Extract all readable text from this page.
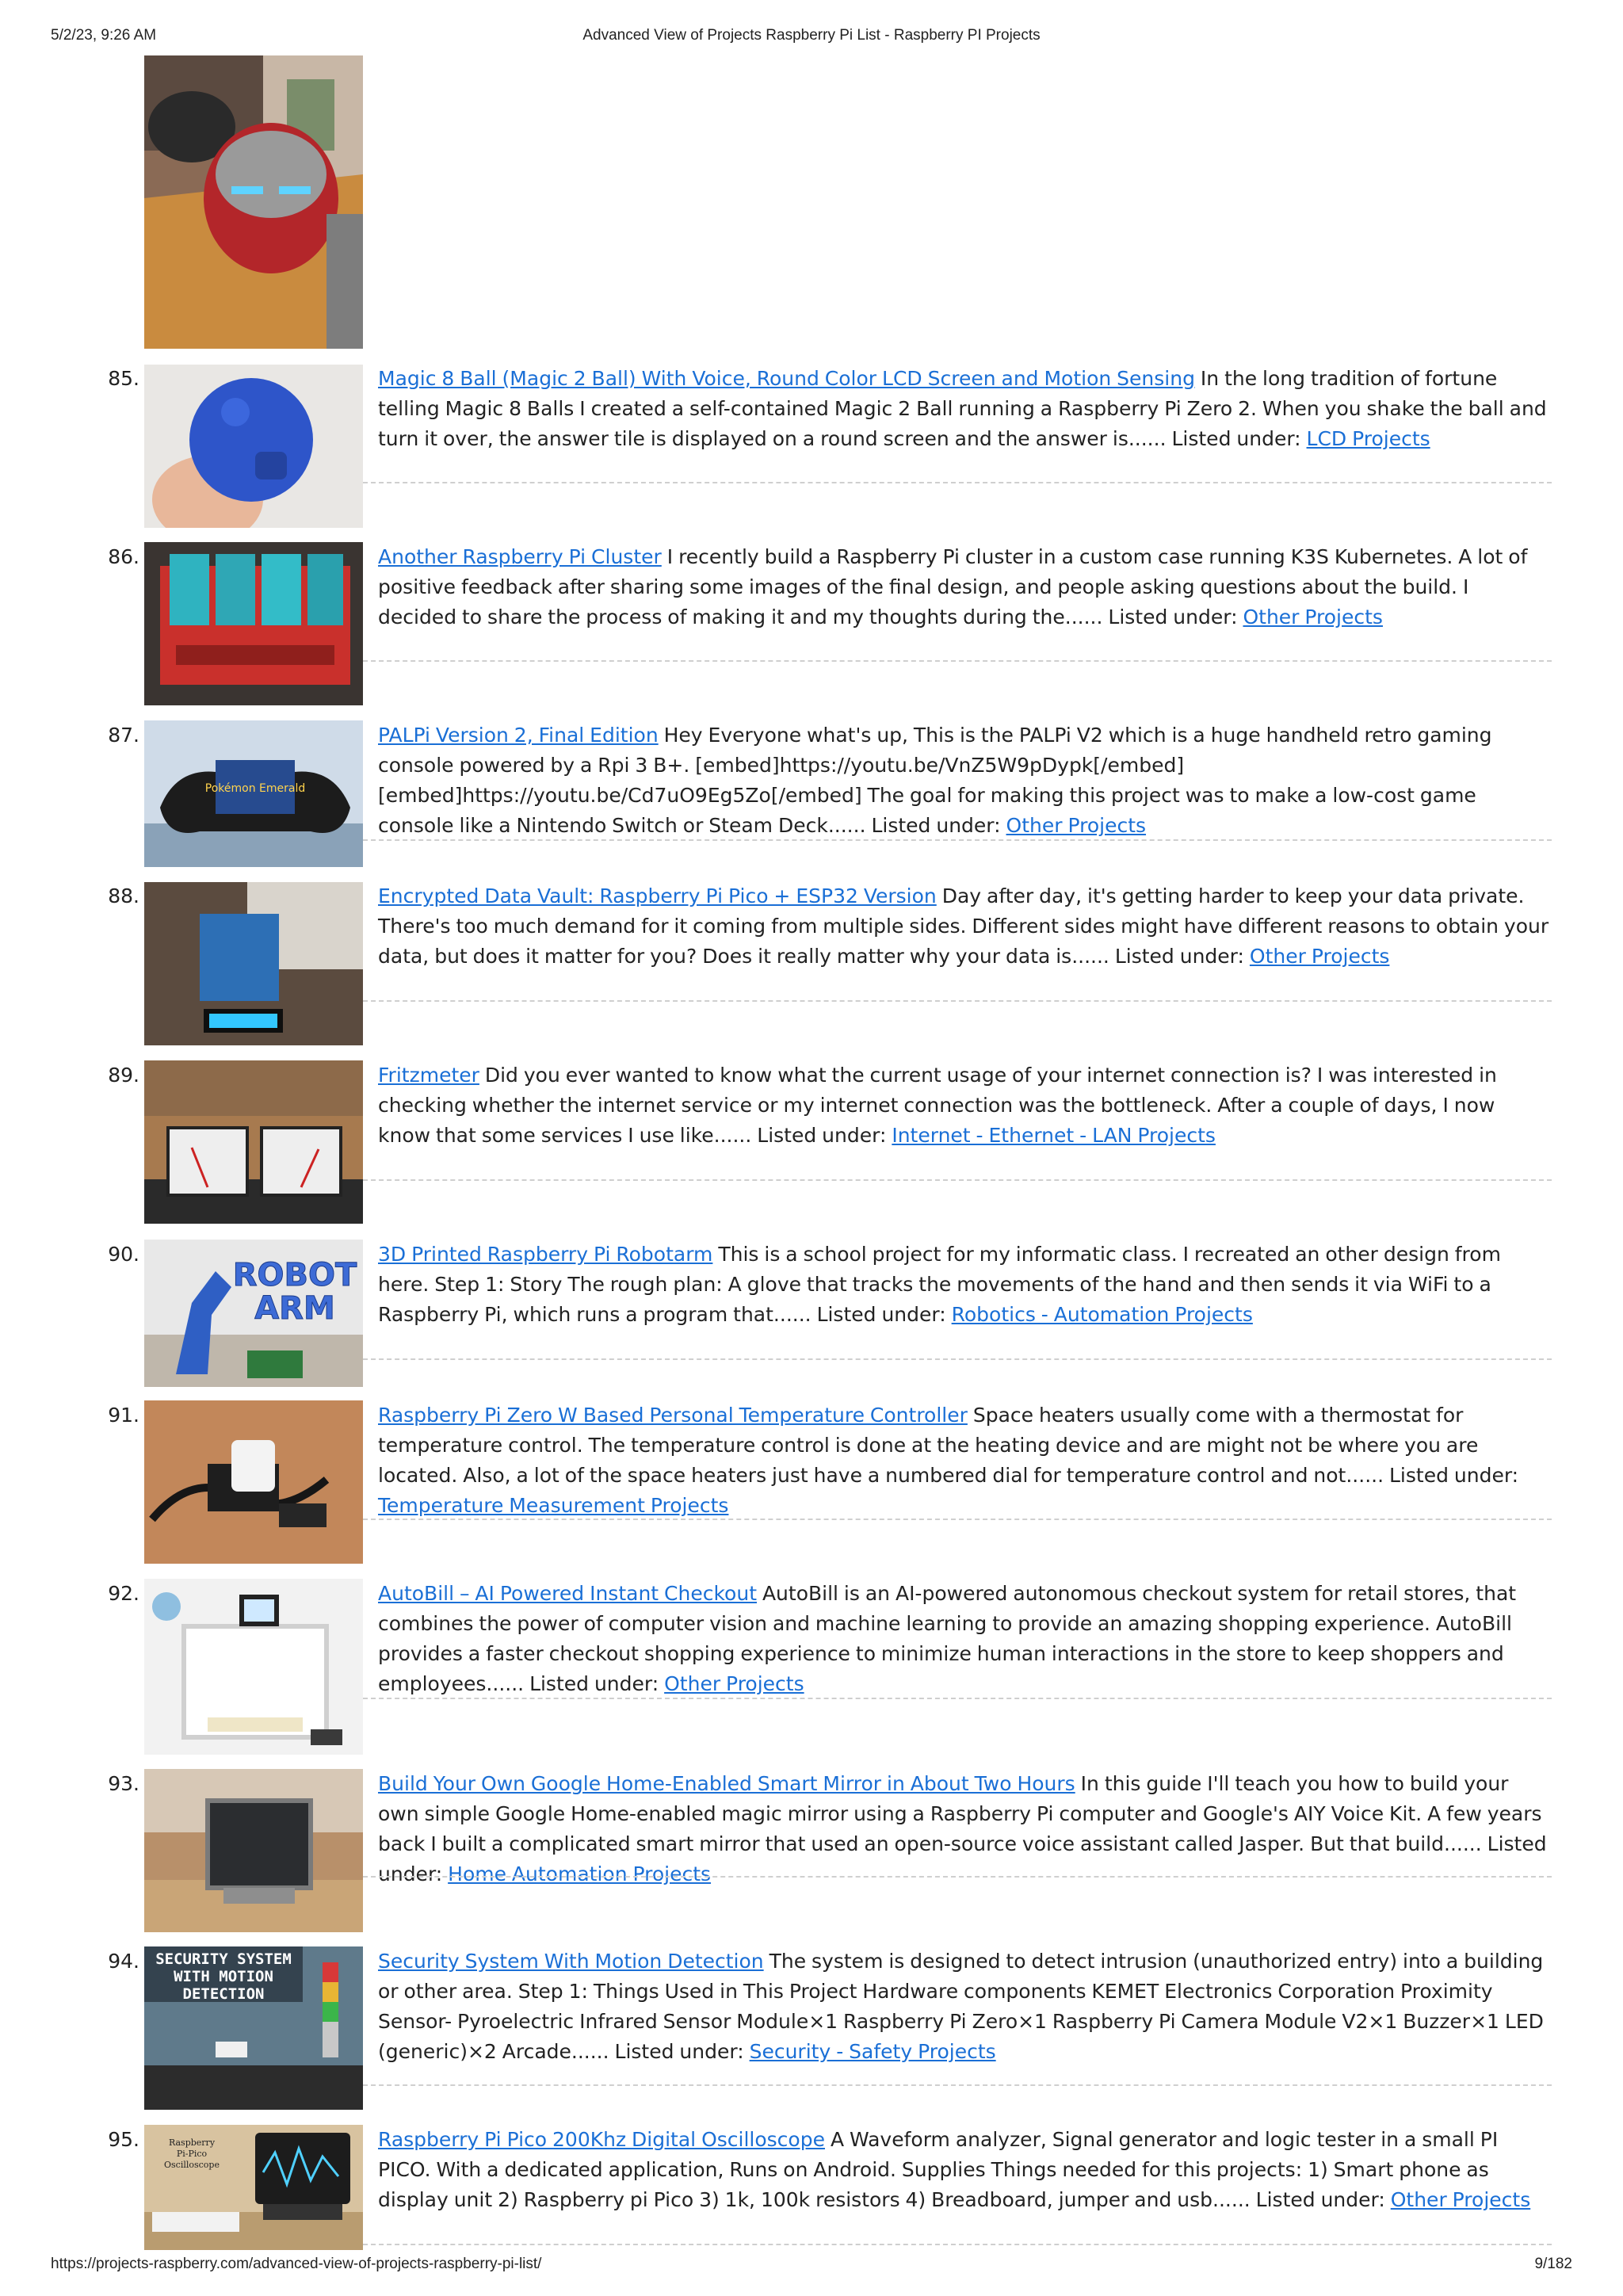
5/2/23, 9:26 AM	Advanced View of Projects Raspberry Pi List - Raspberry PI Projects
85.	Magic 8 Ball (Magic 2 Ball) With Voice, Round Color LCD Screen and Motion Sensing In the long tradition of fortune telling Magic 8 Balls I created a self-contained Magic 2 Ball running a Raspberry Pi Zero 2. When you shake the ball and turn it over, the answer tile is displayed on a round screen and the answer is...... Listed under: LCD Projects
86.	Another Raspberry Pi Cluster I recently build a Raspberry Pi cluster in a custom case running K3S Kubernetes. A lot of positive feedback after sharing some images of the final design, and people asking questions about the build. I decided to share the process of making it and my thoughts during the...... Listed under: Other Projects
87.
Pokémon Emerald
PALPi Version 2, Final Edition Hey Everyone what's up, This is the PALPi V2 which is a huge handheld retro gaming console powered by a Rpi 3 B+. [embed]https://youtu.be/VnZ5W9pDypk[/embed] [embed]https://youtu.be/Cd7uO9Eg5Zo[/embed] The goal for making this project was to make a low-cost game console like a Nintendo Switch or Steam Deck...... Listed under: Other Projects
88.	Encrypted Data Vault: Raspberry Pi Pico + ESP32 Version Day after day, it's getting harder to keep your data private. There's too much demand for it coming from multiple sides. Different sides might have different reasons to obtain your data, but does it matter for you? Does it really matter why your data is...... Listed under: Other Projects
89.	Fritzmeter Did you ever wanted to know what the current usage of your internet connection is? I was interested in checking whether the internet service or my internet connection was the bottleneck. After a couple of days, I now know that some services I use like...... Listed under: Internet - Ethernet - LAN Projects
90.
ROBOT
ARM
3D Printed Raspberry Pi Robotarm This is a school project for my informatic class. I recreated an other design from here. Step 1: Story The rough plan: A glove that tracks the movements of the hand and then sends it via WiFi to a Raspberry Pi, which runs a program that...... Listed under: Robotics - Automation Projects
91.	Raspberry Pi Zero W Based Personal Temperature Controller Space heaters usually come with a thermostat for temperature control. The temperature control is done at the heating device and are might not be where you are located. Also, a lot of the space heaters just have a numbered dial for temperature control and not...... Listed under: Temperature Measurement Projects
92.	AutoBill – AI Powered Instant Checkout AutoBill is an AI-powered autonomous checkout system for retail stores, that combines the power of computer vision and machine learning to provide an amazing shopping experience. AutoBill provides a faster checkout shopping experience to minimize human interactions in the store to keep shoppers and employees...... Listed under: Other Projects
93.	Build Your Own Google Home-Enabled Smart Mirror in About Two Hours In this guide I'll teach you how to build your own simple Google Home-enabled magic mirror using a Raspberry Pi computer and Google's AIY Voice Kit. A few years back I built a complicated smart mirror that used an open-source voice assistant called Jasper. But that build...... Listed under: Home Automation Projects
94. SECURITY SYSTEM
WITH MOTION
DETECTION
Security System With Motion Detection The system is designed to detect intrusion (unauthorized entry) into a building or other area. Step 1: Things Used in This Project Hardware components KEMET Electronics Corporation Proximity Sensor- Pyroelectric Infrared Sensor Module×1 Raspberry Pi Zero×1 Raspberry Pi Camera Module V2×1 Buzzer×1 LED (generic)×2 Arcade...... Listed under: Security - Safety Projects
95.	Raspberry
Pi-Pico
Oscilloscope
Raspberry Pi Pico 200Khz Digital Oscilloscope A Waveform analyzer, Signal generator and logic tester in a small PI PICO. With a dedicated application, Runs on Android. Supplies Things needed for this projects: 1) Smart phone as display unit 2) Raspberry pi Pico 3) 1k, 100k resistors 4) Breadboard, jumper and usb...... Listed under: Other Projects
https://projects-raspberry.com/advanced-view-of-projects-raspberry-pi-list/	9/182
